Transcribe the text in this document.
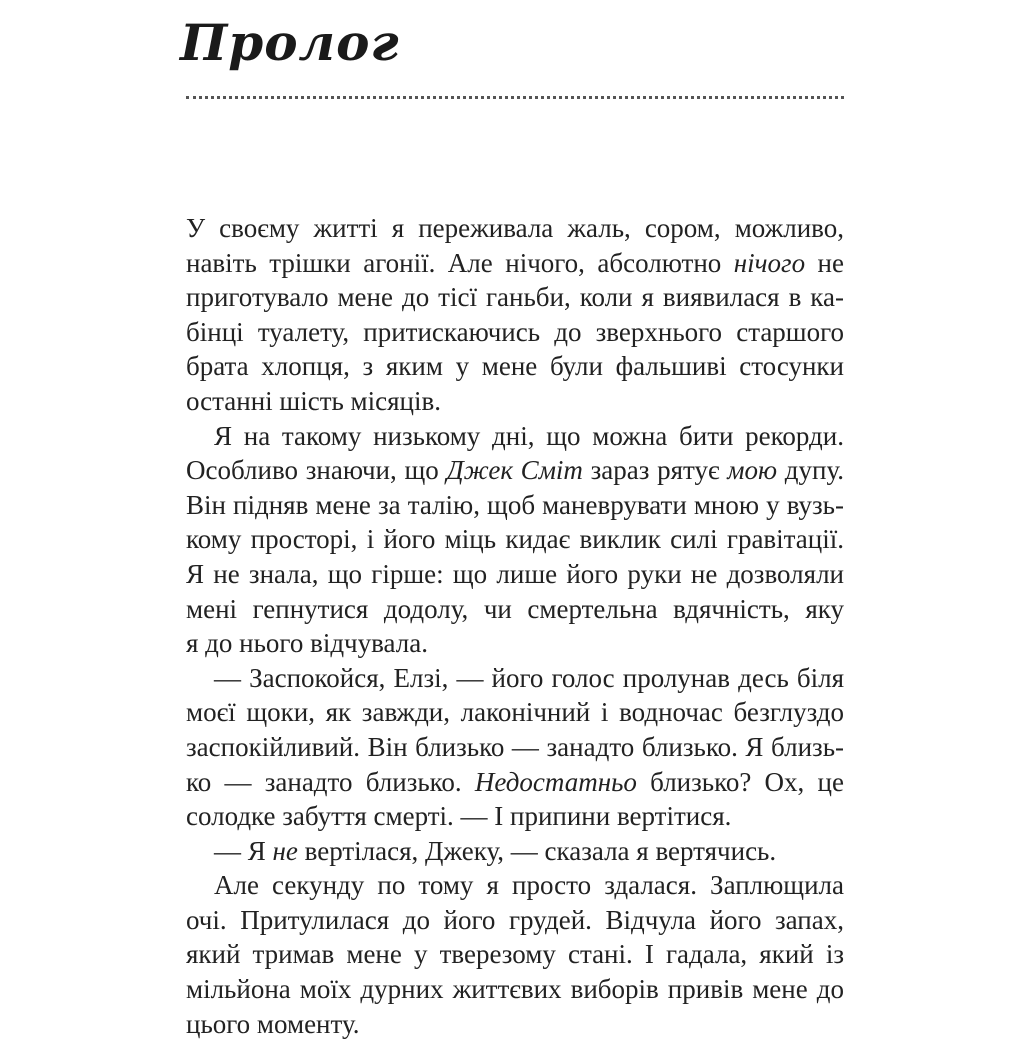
Пролог
У своєму житті я переживала жаль, сором, можливо,
навіть трішки агонії. Але нічого, абсолютно нічого не
приготувало мене до тісї ганьби, коли я виявилася в ка-
бінці туалету, притискаючись до зверхнього старшого
брата хлопця, з яким у мене були фальшиві стосунки
останні шість місяців.
Я на такому низькому дні, що можна бити рекорди.
Особливо знаючи, що Джек Сміт зараз рятує мою дупу.
Він підняв мене за талію, щоб маневрувати мною у вузь-
кому просторі, і його міць кидає виклик силі гравітації.
Я не знала, що гірше: що лише його руки не дозволяли
мені гепнутися додолу, чи смертельна вдячність, яку
я до нього відчувала.
— Заспокойся, Елзі, — його голос пролунав десь біля
моєї щоки, як завжди, лаконічний і водночас безглуздо
заспокійливий. Він близько — занадто близько. Я близь-
ко — занадто близько. Недостатньо близько? Ох, це
солодке забуття смерті. — І припини вертітися.
— Я не вертілася, Джеку, — сказала я вертячись.
Але секунду по тому я просто здалася. Заплющила
очі. Притулилася до його грудей. Відчула його запах,
який тримав мене у тверезому стані. І гадала, який із
мільйона моїх дурних життєвих виборів привів мене до
цього моменту.
